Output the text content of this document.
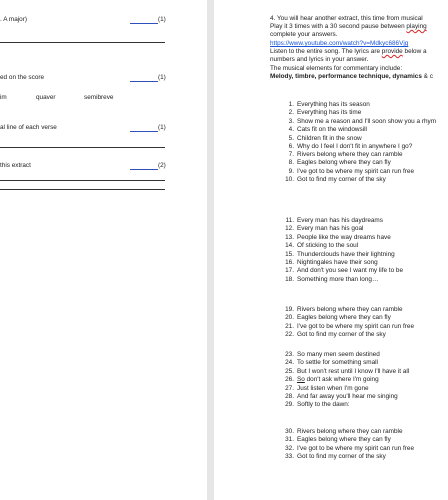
. A major)	(1)
ed on the score	(1)
im	quaver	semibreve
al line of each verse	(1)
this extract	(2)
4. You will hear another extract, this time from musical
Play it 3 times with a 30 second pause between playing
complete your answers.
https://www.youtube.com/watch?v=Mdkyc686Vjg
Listen to the entire song. The lyrics are provide below a
numbers and lyrics in your answer.
The musical elements for commentary include:
Melody, timbre, performance technique, dynamics & c
1. Everything has its season
2. Everything has its time
3. Show me a reason and I'll soon show you a rhym
4. Cats fit on the windowsill
5. Children fit in the snow
6. Why do I feel I don't fit in anywhere I go?
7. Rivers belong where they can ramble
8. Eagles belong where they can fly
9. I've got to be where my spirit can run free
10. Got to find my corner of the sky
11. Every man has his daydreams
12. Every man has his goal
13. People like the way dreams have
14. Of sticking to the soul
15. Thunderclouds have their lightning
16. Nightingales have their song
17. And don't you see I want my life to be
18. Something more than long…
19. Rivers belong where they can ramble
20. Eagles belong where they can fly
21. I've got to be where my spirit can run free
22. Got to find my corner of the sky
23. So many men seem destined
24. To settle for something small
25. But I won't rest until I know I'll have it all
26. So don't ask where I'm going
27. Just listen when I'm gone
28. And far away you'll hear me singing
29. Softly to the dawn:
30. Rivers belong where they can ramble
31. Eagles belong where they can fly
32. I've got to be where my spirit can run free
33. Got to find my corner of the sky
